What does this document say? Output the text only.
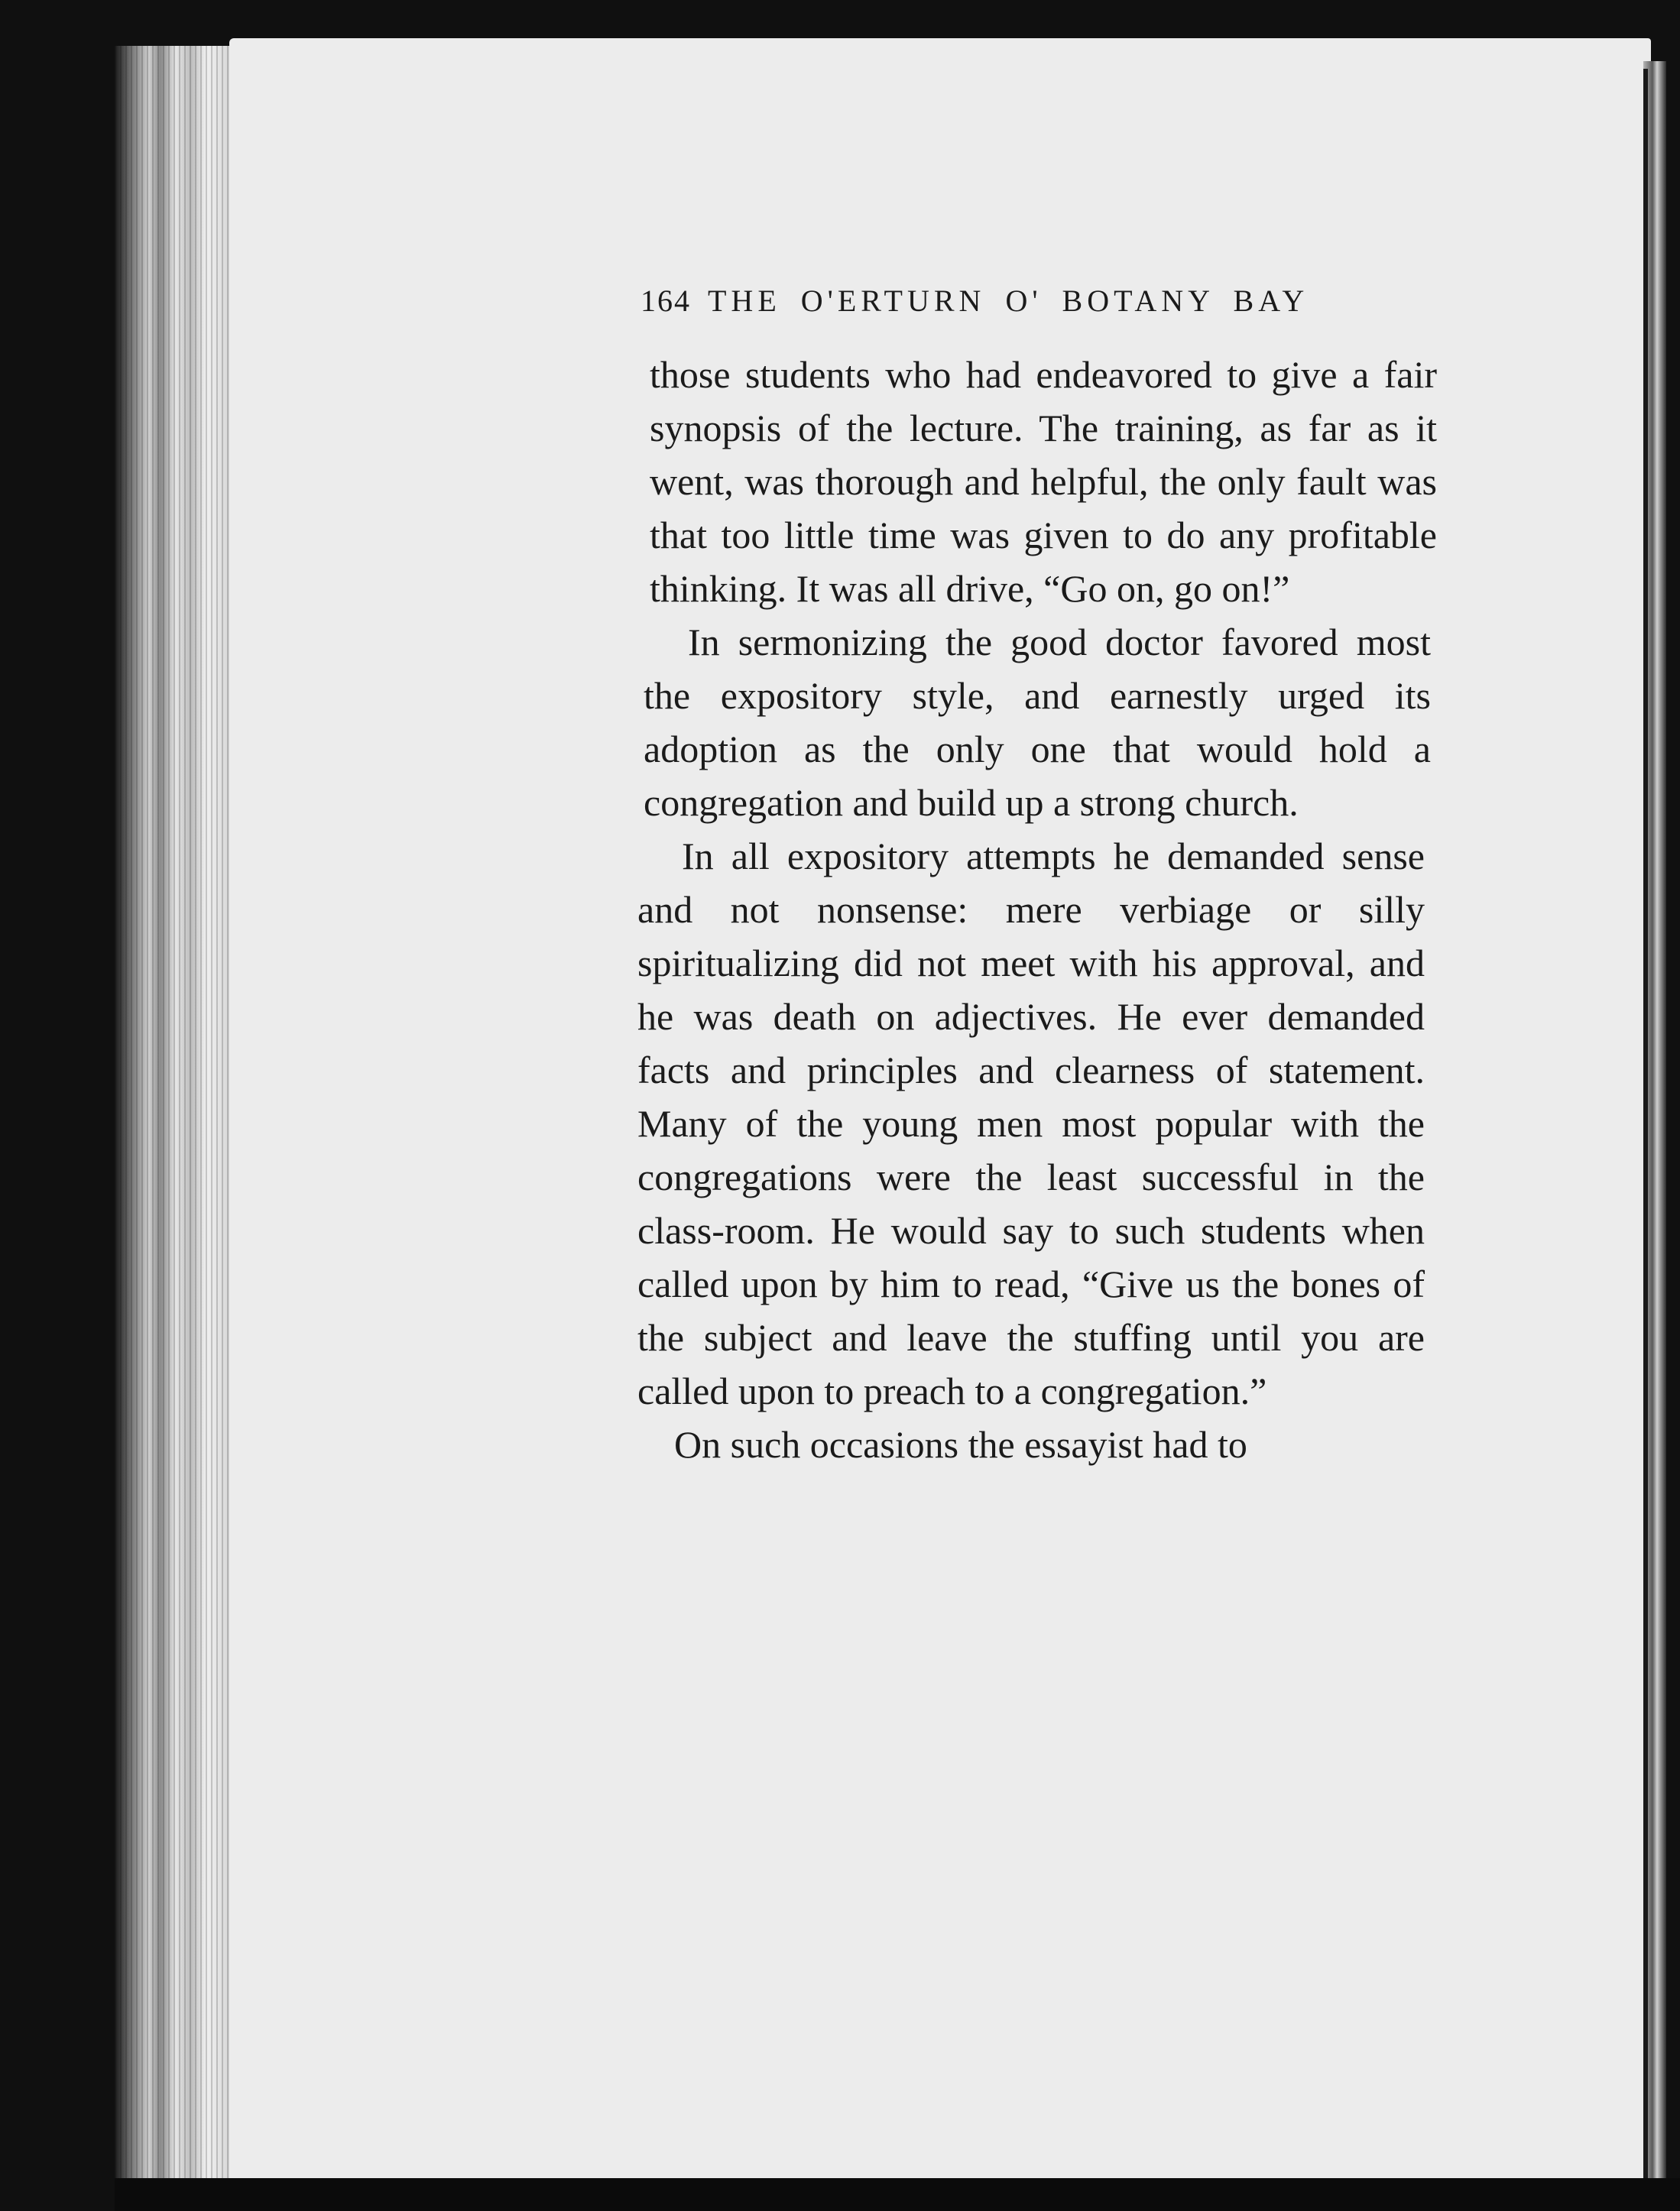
164 THE O'ERTURN O' BOTANY BAY

those students who had endeavored to give a fair synopsis of the lecture. The training, as far as it went, was thorough and helpful, the only fault was that too little time was given to do any profitable thinking. It was all drive, “Go on, go on!”

In sermonizing the good doctor favored most the expository style, and earnestly urged its adoption as the only one that would hold a congregation and build up a strong church.

In all expository attempts he demanded sense and not nonsense: mere verbiage or silly spiritualizing did not meet with his approval, and he was death on adjectives. He ever demanded facts and principles and clearness of statement. Many of the young men most popular with the congregations were the least successful in the class-room. He would say to such students when called upon by him to read, “Give us the bones of the subject and leave the stuffing until you are called upon to preach to a congregation.”

On such occasions the essayist had to
